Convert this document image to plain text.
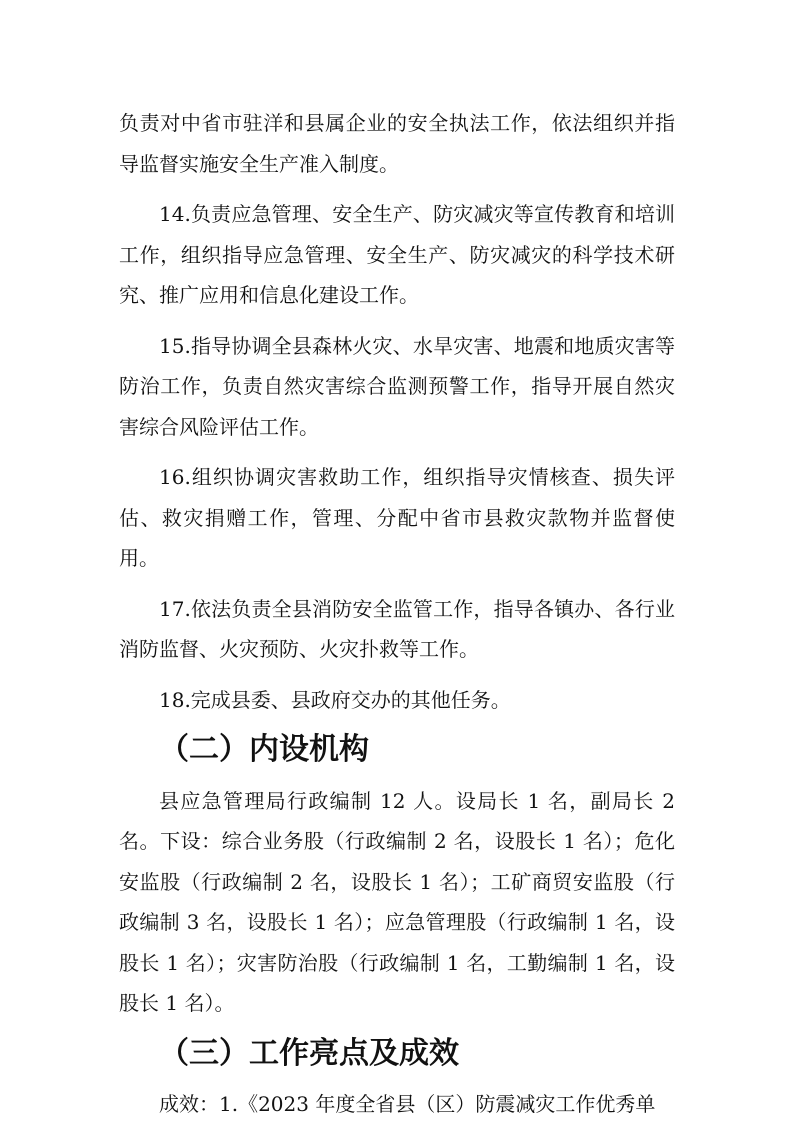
负责对中省市驻洋和县属企业的安全执法工作，依法组织并指导监督实施安全生产准入制度。

14.负责应急管理、安全生产、防灾减灾等宣传教育和培训工作，组织指导应急管理、安全生产、防灾减灾的科学技术研究、推广应用和信息化建设工作。

15.指导协调全县森林火灾、水旱灾害、地震和地质灾害等防治工作，负责自然灾害综合监测预警工作，指导开展自然灾害综合风险评估工作。

16.组织协调灾害救助工作，组织指导灾情核查、损失评估、救灾捐赠工作，管理、分配中省市县救灾款物并监督使用。

17.依法负责全县消防安全监管工作，指导各镇办、各行业消防监督、火灾预防、火灾扑救等工作。

18.完成县委、县政府交办的其他任务。

（二）内设机构

县应急管理局行政编制 12 人。设局长 1 名，副局长 2 名。下设：综合业务股（行政编制 2 名，设股长 1 名）；危化安监股（行政编制 2 名，设股长 1 名）；工矿商贸安监股（行政编制 3 名，设股长 1 名）；应急管理股（行政编制 1 名，设股长 1 名）；灾害防治股（行政编制 1 名，工勤编制 1 名，设股长 1 名）。

（三）工作亮点及成效

成效：1.《2023 年度全省县（区）防震减灾工作优秀单
